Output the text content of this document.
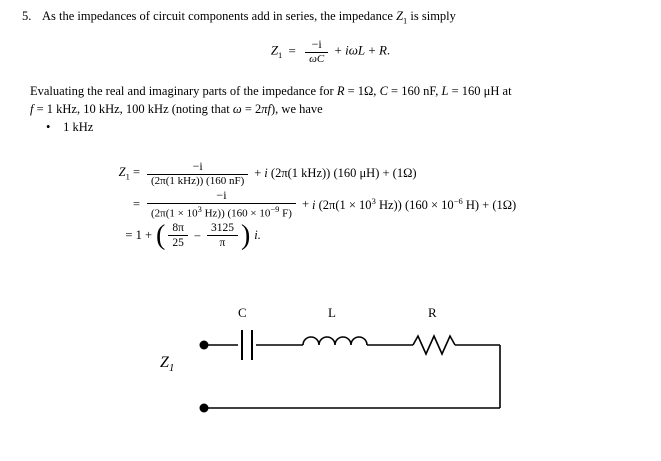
5. As the impedances of circuit components add in series, the impedance $Z_1$ is simply
$Z_1 = \frac{-i}{\omega C} + i\omega L + R$.
Evaluating the real and imaginary parts of the impedance for R = 1Ω, C = 160 nF, L = 160 μH at
f = 1 kHz, 10 kHz, 100 kHz (noting that ω = 2πf), we have
• 1 kHz
$Z_1 = \frac{-i}{\text{(2π(1 kHz)) (160 nF)}} + i$ (2π(1 kHz)) (160 μH) + (1Ω)
= $\frac{-i}{(2\pi(1 \times 10^3 Hz)) (160 \times 10^{-9} F)} + i$ ($2\pi(1 \times 10^3$ Hz)) ($160 \times 10^{-6}$ H) + (1Ω)
= 1 + ( $\frac{8\pi}{25} - \frac{3125}{\pi}$ ) i.
C	L	R
$Z_1$
